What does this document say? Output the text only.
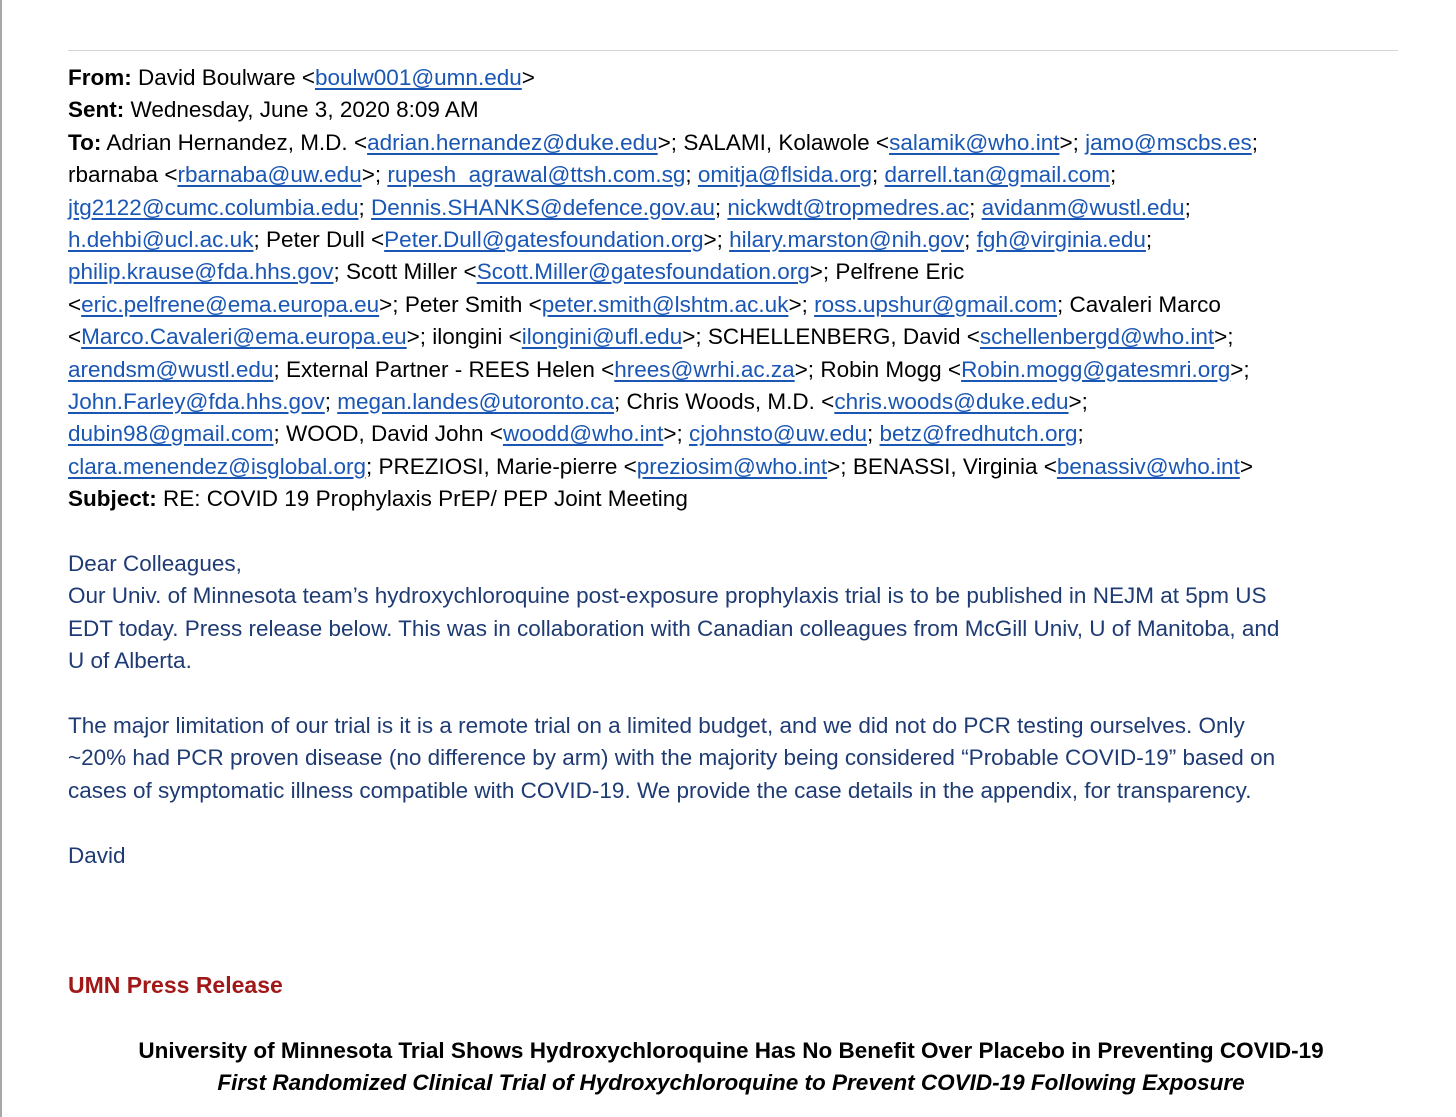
From: David Boulware <boulw001@umn.edu>
Sent: Wednesday, June 3, 2020 8:09 AM
To: Adrian Hernandez, M.D. <adrian.hernandez@duke.edu>; SALAMI, Kolawole <salamik@who.int>; jamo@mscbs.es;
rbarnaba <rbarnaba@uw.edu>; rupesh_agrawal@ttsh.com.sg; omitja@flsida.org; darrell.tan@gmail.com;
jtg2122@cumc.columbia.edu; Dennis.SHANKS@defence.gov.au; nickwdt@tropmedres.ac; avidanm@wustl.edu;
h.dehbi@ucl.ac.uk; Peter Dull <Peter.Dull@gatesfoundation.org>; hilary.marston@nih.gov; fgh@virginia.edu;
philip.krause@fda.hhs.gov; Scott Miller <Scott.Miller@gatesfoundation.org>; Pelfrene Eric
<eric.pelfrene@ema.europa.eu>; Peter Smith <peter.smith@lshtm.ac.uk>; ross.upshur@gmail.com; Cavaleri Marco
<Marco.Cavaleri@ema.europa.eu>; ilongini <ilongini@ufl.edu>; SCHELLENBERG, David <schellenbergd@who.int>;
arendsm@wustl.edu; External Partner - REES Helen <hrees@wrhi.ac.za>; Robin Mogg <Robin.mogg@gatesmri.org>;
John.Farley@fda.hhs.gov; megan.landes@utoronto.ca; Chris Woods, M.D. <chris.woods@duke.edu>;
dubin98@gmail.com; WOOD, David John <woodd@who.int>; cjohnsto@uw.edu; betz@fredhutch.org;
clara.menendez@isglobal.org; PREZIOSI, Marie-pierre <preziosim@who.int>; BENASSI, Virginia <benassiv@who.int>
Subject: RE: COVID 19 Prophylaxis PrEP/ PEP Joint Meeting
Dear Colleagues,
Our Univ. of Minnesota team’s hydroxychloroquine post-exposure prophylaxis trial is to be published in NEJM at 5pm US
EDT today. Press release below. This was in collaboration with Canadian colleagues from McGill Univ, U of Manitoba, and
U of Alberta.
The major limitation of our trial is it is a remote trial on a limited budget, and we did not do PCR testing ourselves. Only
~20% had PCR proven disease (no difference by arm) with the majority being considered “Probable COVID-19” based on
cases of symptomatic illness compatible with COVID-19. We provide the case details in the appendix, for transparency.
David
UMN Press Release
University of Minnesota Trial Shows Hydroxychloroquine Has No Benefit Over Placebo in Preventing COVID-19
First Randomized Clinical Trial of Hydroxychloroquine to Prevent COVID-19 Following Exposure
